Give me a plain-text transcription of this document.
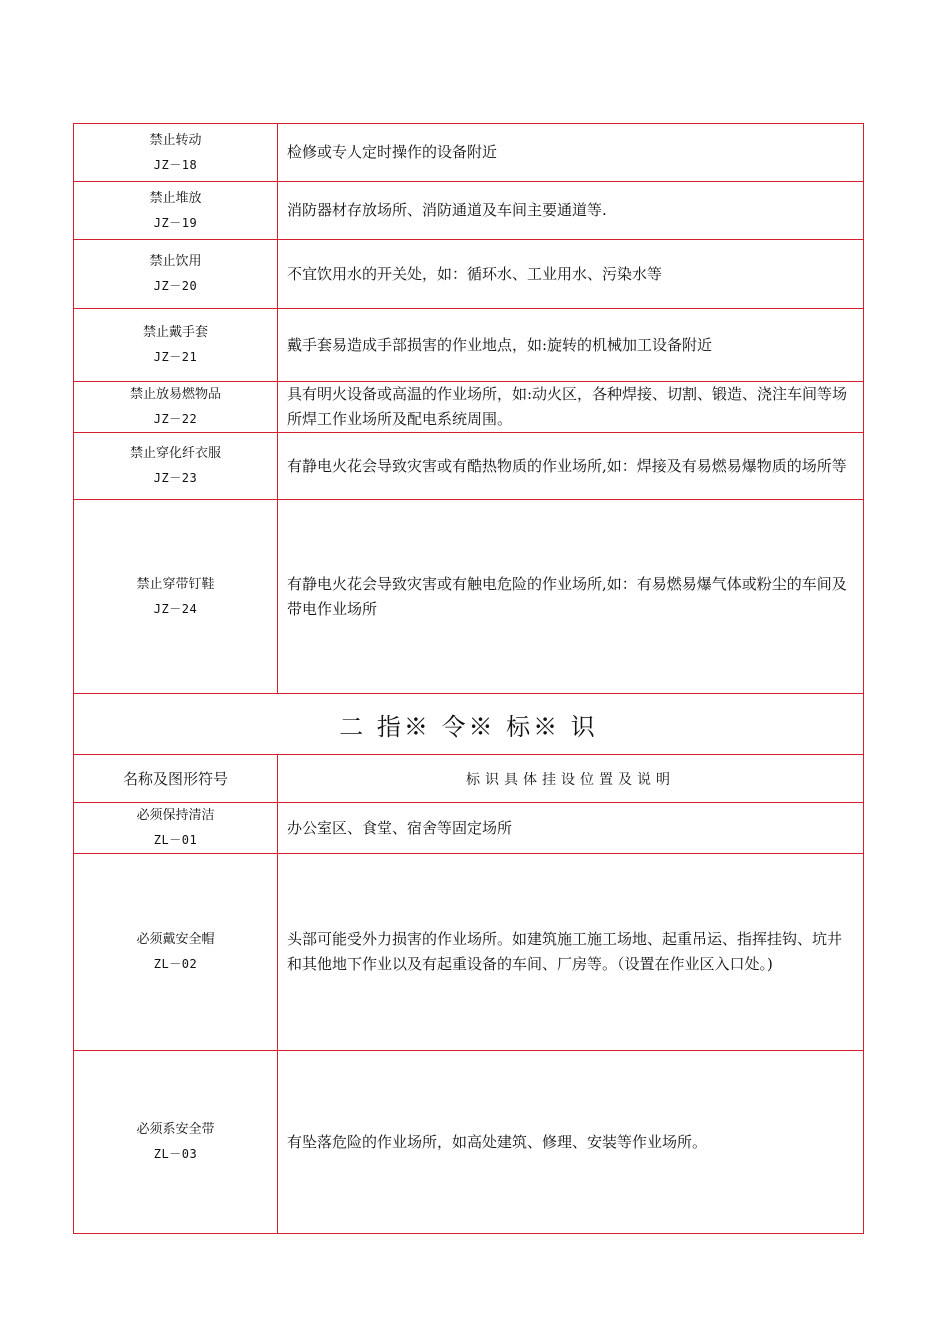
禁止转动
JZ－18	检修或专人定时操作的设备附近

禁止堆放
JZ－19	消防器材存放场所、消防通道及车间主要通道等.

禁止饮用
JZ－20	不宜饮用水的开关处，如：循环水、工业用水、污染水等

禁止戴手套
JZ－21	戴手套易造成手部损害的作业地点，如:旋转的机械加工设备附近

禁止放易燃物品
JZ－22	具有明火设备或高温的作业场所，如:动火区，各种焊接、切割、锻造、浇注车间等场所焊工作业场所及配电系统周围。

禁止穿化纤衣服
JZ－23	有静电火花会导致灾害或有酷热物质的作业场所,如：焊接及有易燃易爆物质的场所等

禁止穿带钉鞋
JZ－24	有静电火花会导致灾害或有触电危险的作业场所,如：有易燃易爆气体或粉尘的车间及带电作业场所
二 指※ 令※ 标※ 识	
名称及图形符号	标识具体挂设位置及说明

必须保持清洁
ZL－01	办公室区、食堂、宿舍等固定场所

必须戴安全帽
ZL－02	头部可能受外力损害的作业场所。如建筑施工施工场地、起重吊运、指挥挂钩、坑井和其他地下作业以及有起重设备的车间、厂房等。（设置在作业区入口处。)

必须系安全带
ZL－03	有坠落危险的作业场所，如高处建筑、修理、安装等作业场所。
